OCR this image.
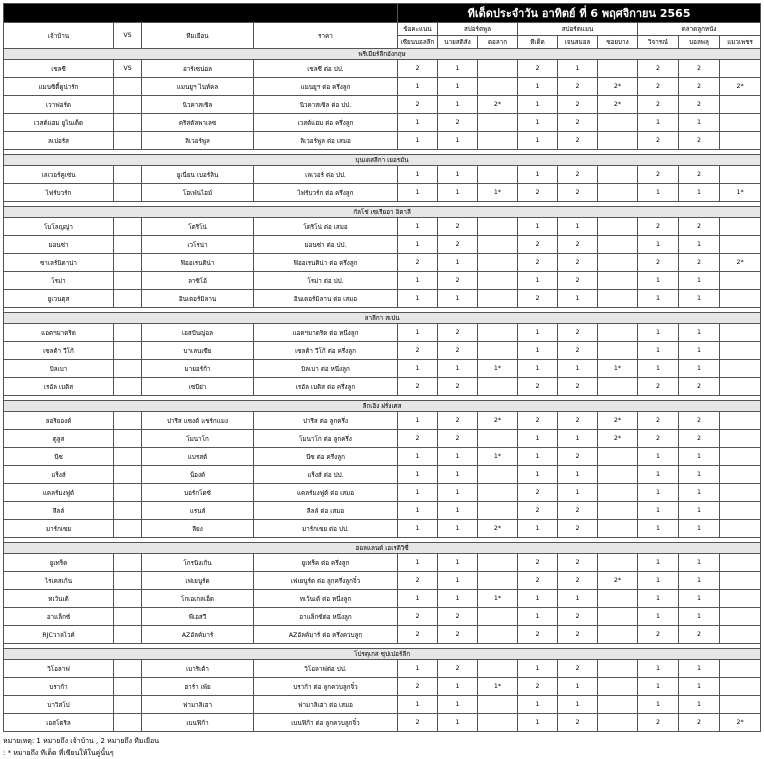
				ทีเด็ดประจำวัน อาทิตย์ ที่ 6 พฤศจิกายน 2565								
เจ้าบ้าน	VS	ทีมเยือน	ราคา	ข้อคะแนน	สปอร์ตพูล		สปอร์ตแมน			ตลาดลูกหนัง		
				เซียนบอลลึก	นายสติสัง	ดอลาก	ทีเด็ด	เจนสมอล	ซอยบาง	วิจารณ์	บอลพลุ	แมวเพชร
พรีเมียร์ลีกอังกฤษ												
เชลซี	VS	อาร์เซน่อล	เชลซี ต่อ ปป.	2	1		2	1		2	2	
แมนซิตี้ดูน่ารัก		แมนยูฯ ไนท์คล	แมนยูฯ ต่อ ครึ่งลูก	1	1		1	2	2*	2	2	2*
เวาฟอร์ด		นิวคาสเซิล	นิวคาสเซิล ต่อ ปป.	2	1	2*	1	2	2*	2	2	
เวสต์แฮม ยูไนเต็ด		คริสตัลพาเลซ	เวสต์แฮม ต่อ ครึ่งลูก	1	2		1	2		1	1	
ลเปอร์ส		ลิเวอร์พูล	ลิเวอร์พูล ต่อ เสมอ	1	1		1	2		2	2	

บุนเดสลีกา เยอรมัน												
เลเวอร์คูเซ่น		ยูเนี่ยน เบอร์ลิน	เลเวอร์ ต่อ ปป.	1	1		1	2		2	2	
ไฟร์บวร์ก		โฮเฟ่นไฮม์	ไฟร์บวร์ก ต่อ ครึ่งลูก	1	1	1*	2	2		1	1	1*

กัลโช่ เซเรียอา อิตาลี												
โบโลญญ่า		โตริโน่	โตริโน่ ต่อ เสมอ	1	2		1	1		2	2	
มอนซ่า		เวโรน่า	มอนซ่า ต่อ ปป.	1	2		2	2		1	1	
ซาเลร์นิตาน่า		ฟิออเรนติน่า	ฟิออเรนติน่า ต่อ ครึ่งลูก	2	1		2	2		2	2	2*
โรม่า		ลาซิโอ้	โรม่า ต่อ ปป.	1	2		1	2		1	1	
ยูเวนตุส		อินเตอร์มิลาน	อินเตอร์มิลาน ต่อ เสมอ	1	1		2	1		1	1	

ลาลีกา สเปน												
แอตฯมาดริด		เอสปันญ่อล	แอตฯมาดริด ต่อ หนึ่งลูก	1	2		1	2		1	1	
เซลต้า วีโก้		บาเลนเซีย	เซลต้า วีโก้ ต่อ ครึ่งลูก	2	2		1	2		1	1	
บิลเบา		มายอร์ก้า	บิลเบา ต่อ หนึ่งลูก	1	1	1*	1	1	1*	1	1	
เรอัล เบติส		เซบีย่า	เรอัล เบติส ต่อ ครึ่งลูก	2	2		2	2		2	2	

ลีกเอิง ฝรั่งเศส												
ลอริยองต์		ปารีส แซงต์ แชร์กแมง	ปารีส ต่อ ลูกครึ่ง	1	2	2*	2	2	2*	2	2	
ตูลูส		โมนาโก	โมนาโก ต่อ ลูกครึ่ง	2	2		1	1	2*	2	2	
นีซ		แบรสต์	นีซ ต่อ ครึ่งลูก	1	1	1*	1	2		1	1	
แร็งส์		น็องต์	แร็งส์ ต่อ ปป.	1	1		1	1		1	1	
แคลร์มงฟูต์		บอร์กโดซ์	แคลร์มงฟูต์ ต่อ เสมอ	1	1		2	1		1	1	
ลีลล์		แรนส์	ลีลล์ ต่อ เสมอ	1	1		2	2		1	1	
มาร์กเซย		ลียง	มาร์กเซย ต่อ ปป.	1	1	2*	1	2		1	1	

ฮอลแลนด์ เอเรดิวิซี่												
ยูเทร็ค		โกรนิงเก้น	ยูเทร็ค ต่อ ครึ่งลูก	1	1		2	2		1	1	
ไรเคสเก้น		เฟเยนูร์ด	เฟเยนูร์ด ต่อ ลูกครึ่งลูกจิ๋ว	2	1		2	2	2*	1	1	
ทเว้นเต้		โกเอเกลเฮ็ด	ทเว้นเต้ ต่อ หนึ่งลูก	1	1	1*	1	1		1	1	
อาแล็กซ์		พีเอสวี	อาแล็กซ์ต่อ หนึ่งลูก	2	2		1	2		1	1	
RJCวาลไวค์		AZอัลค์มาร์	AZอัลค์มาร์ ต่อ ครึ่งควบลูก	2	2		2	2		2	2	

โปรตุเกส ซุปเปอร์ลีก												
วิโอลาฟ		เบาริเต้า	วิโอลาฟต่อ ปป.	1	2		1	2		1	1	
บราก้า		ฮาร์า เพ้ย	บราก้า ต่อ ลูกควบลูกจิ๋ว	2	1	1*	2	1		1	1	
บาวิสโป		ฟามาลิเฮา	ฟามาลิเฮา ต่อ เสมอ	1	1		1	1		1	1	
เอสโตริล		เบนฟิก้า	เบนฟิก้า ต่อ ลูกควบลูกจิ๋ว	2	1		1	2		2	2	2*
หมายเหตุ: 1 หมายถึง เจ้าบ้าน , 2 หมายถึง ทีมเยือน
: * หมายถึง ทีเด็ด ที่เซียนให้ในคู่นั้นๆ
